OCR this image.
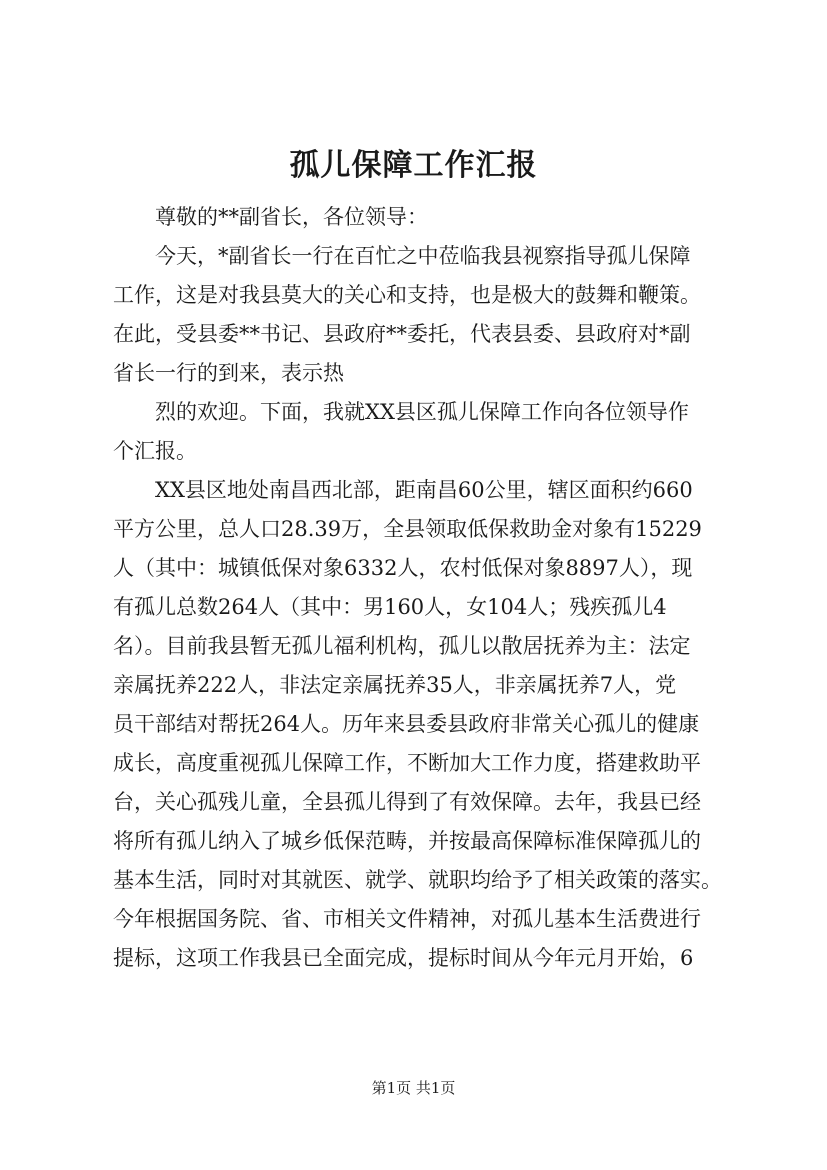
孤儿保障工作汇报
尊敬的**副省长，各位领导：
今天，*副省长一行在百忙之中莅临我县视察指导孤儿保障
工作，这是对我县莫大的关心和支持，也是极大的鼓舞和鞭策。
在此，受县委**书记、县政府**委托，代表县委、县政府对*副
省长一行的到来，表示热
烈的欢迎。下面，我就XX县区孤儿保障工作向各位领导作
个汇报。
XX县区地处南昌西北部，距南昌60公里，辖区面积约660
平方公里，总人口28.39万，全县领取低保救助金对象有15229
人（其中：城镇低保对象6332人，农村低保对象8897人），现
有孤儿总数264人（其中：男160人，女104人；残疾孤儿4
名）。目前我县暂无孤儿福利机构，孤儿以散居抚养为主：法定
亲属抚养222人，非法定亲属抚养35人，非亲属抚养7人，党
员干部结对帮抚264人。历年来县委县政府非常关心孤儿的健康
成长，高度重视孤儿保障工作，不断加大工作力度，搭建救助平
台，关心孤残儿童，全县孤儿得到了有效保障。去年，我县已经
将所有孤儿纳入了城乡低保范畴，并按最高保障标准保障孤儿的
基本生活，同时对其就医、就学、就职均给予了相关政策的落实。
今年根据国务院、省、市相关文件精神，对孤儿基本生活费进行
提标，这项工作我县已全面完成，提标时间从今年元月开始，6
第1页 共1页
